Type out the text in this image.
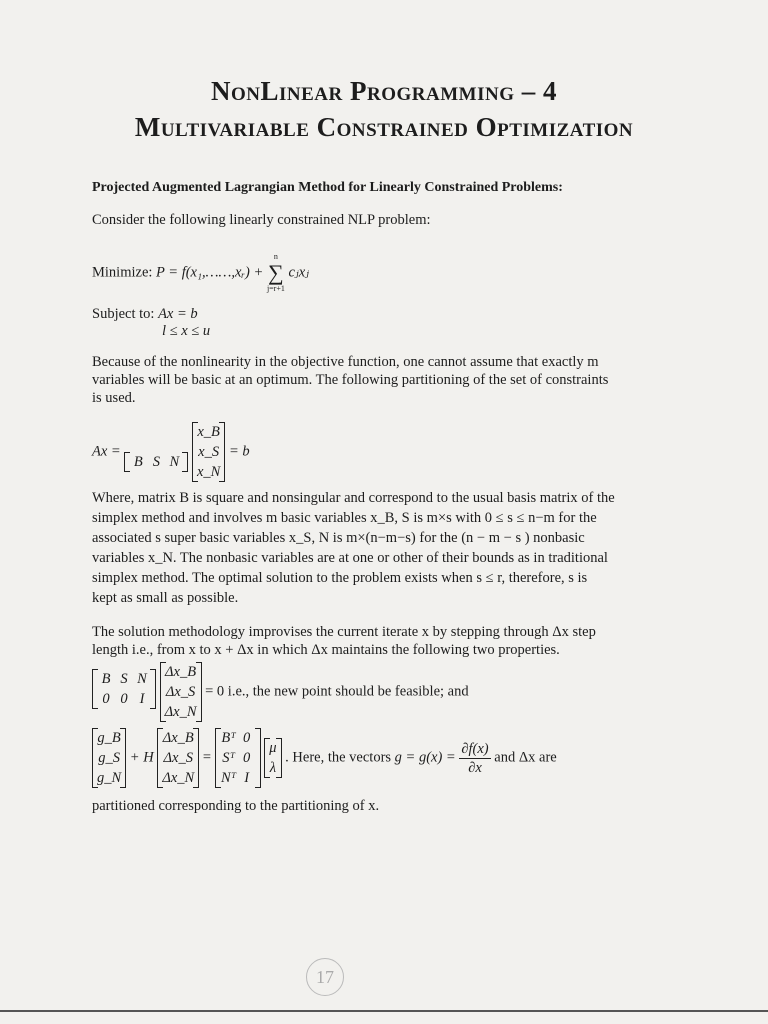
NonLinear Programming – 4
Multivariable Constrained Optimization
Projected Augmented Lagrangian Method for Linearly Constrained Problems:
Consider the following linearly constrained NLP problem:
Minimize: P = f(x₁,……,xᵣ) +
n
∑
j=r+1
cⱼxⱼ
Subject to: Ax = b
l ≤ x ≤ u
Because of the nonlinearity in the objective function, one cannot assume that exactly m
variables will be basic at an optimum. The following partitioning of the set of constraints
is used.
Ax =
B S N

x_B
x_S
x_N
= b
Where, matrix B is square and nonsingular and correspond to the usual basis matrix of the
simplex method and involves m basic variables x_B, S is m×s with 0 ≤ s ≤ n−m for the
associated s super basic variables x_S, N is m×(n−m−s) for the (n − m − s ) nonbasic
variables x_N. The nonbasic variables are at one or other of their bounds as in traditional
simplex method. The optimal solution to the problem exists when s ≤ r, therefore, s is
kept as small as possible.
The solution methodology improvises the current iterate x by stepping through Δx step
length i.e., from x to x + Δx in which Δx maintains the following two properties.
B S N
0 0 I

Δx_B
Δx_S
Δx_N
= 0 i.e., the new point should be feasible; and
g_B
g_S
g_N
+ H
Δx_B
Δx_S
Δx_N
=
Bᵀ 0
Sᵀ 0
Nᵀ I

μ
λ
. Here, the vectors $g = g(x) = \frac{\partial f(x)}{\partial x}$ and Δx are
partitioned corresponding to the partitioning of x.
17
